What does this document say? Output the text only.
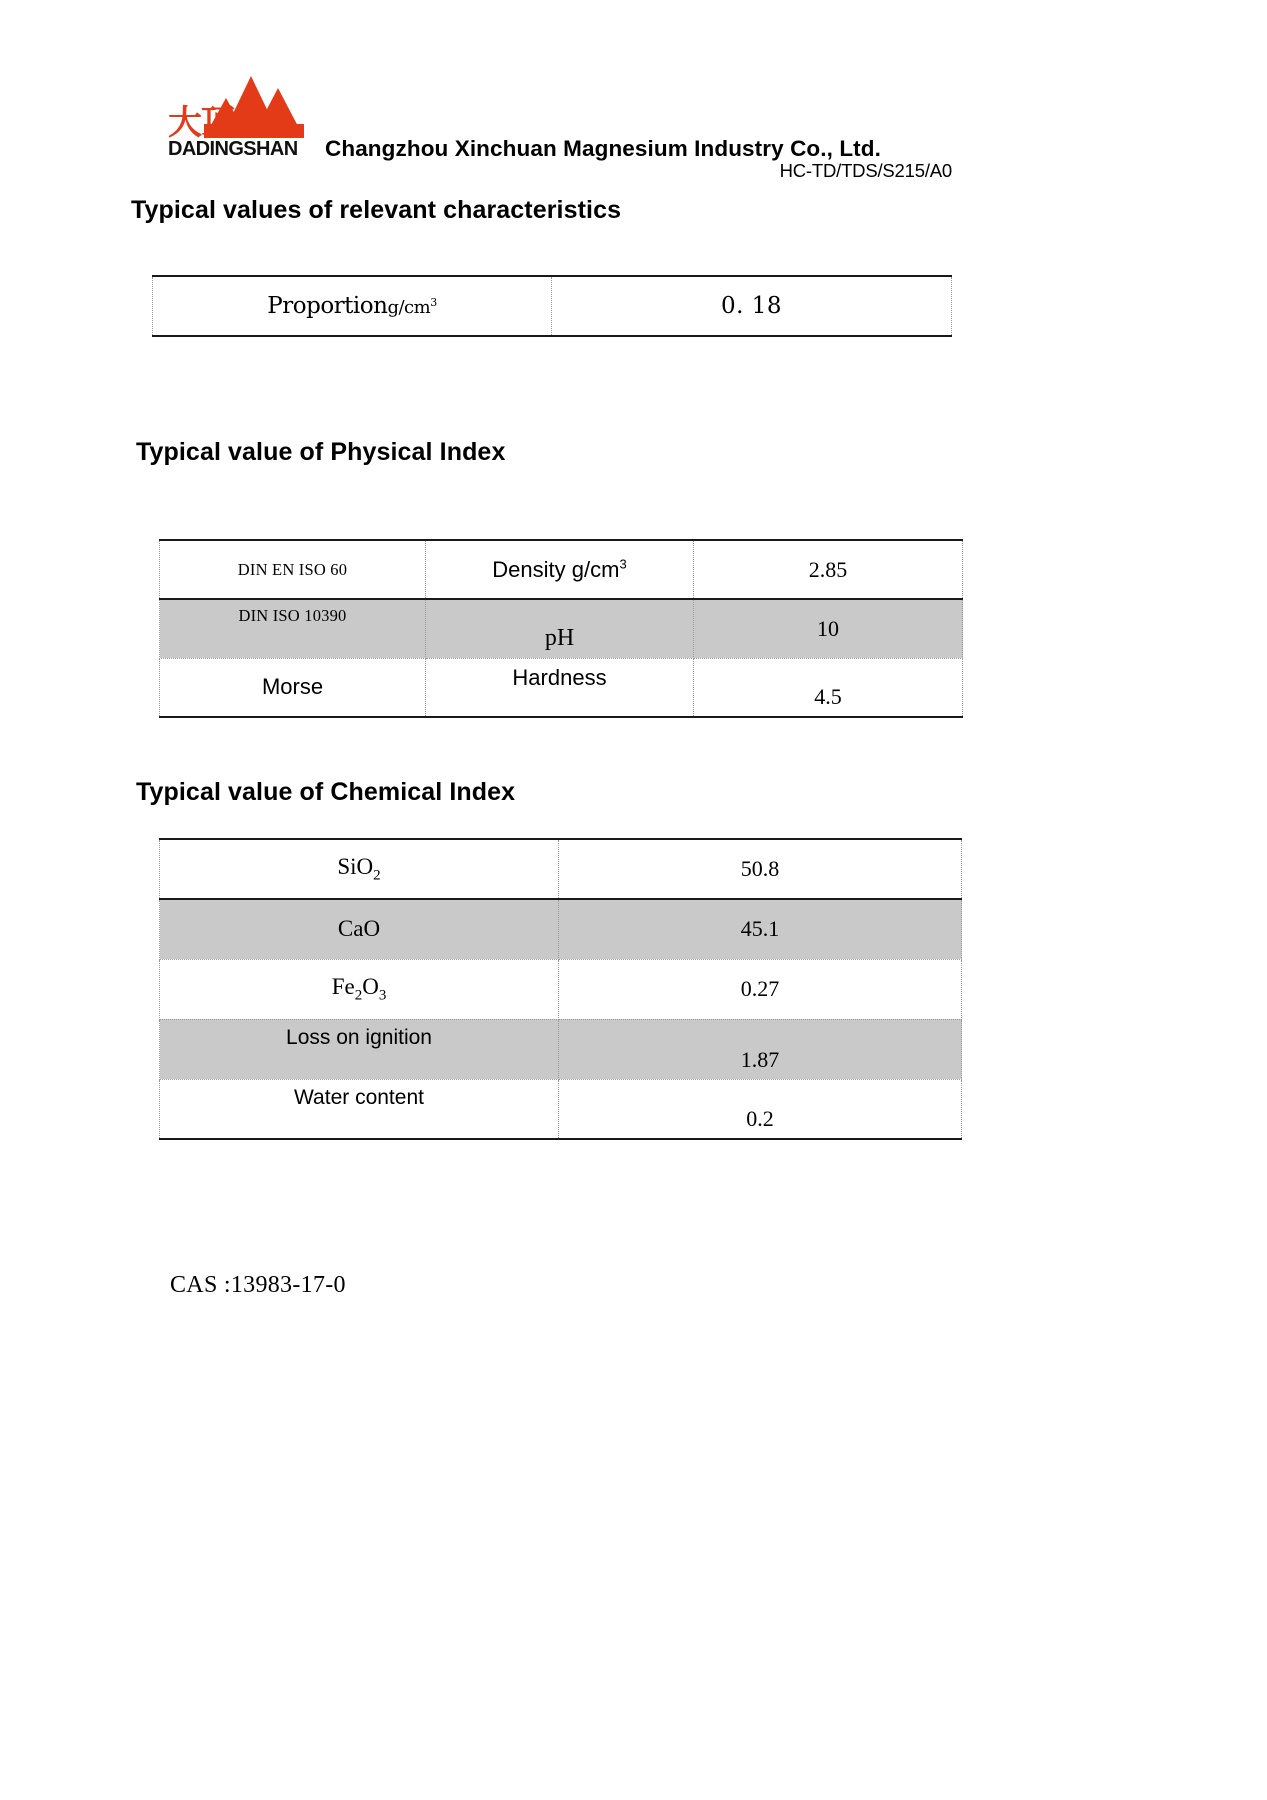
大顶
DADINGSHAN Changzhou Xinchuan Magnesium Industry Co., Ltd.
HC-TD/TDS/S215/A0
Typical values of relevant characteristics
Proportiong/$cm^3$	0. 18
Typical value of Physical Index
DIN EN ISO 60	Density $g/cm^3$	2.85
DIN ISO 10390	pH	10
Morse	Hardness	4.5
Typical value of Chemical Index
SiO$_2$	50.8
CaO	45.1
$Fe_2O_3$	0.27
Loss on ignition	1.87
Water content	0.2
CAS :13983-17-0
